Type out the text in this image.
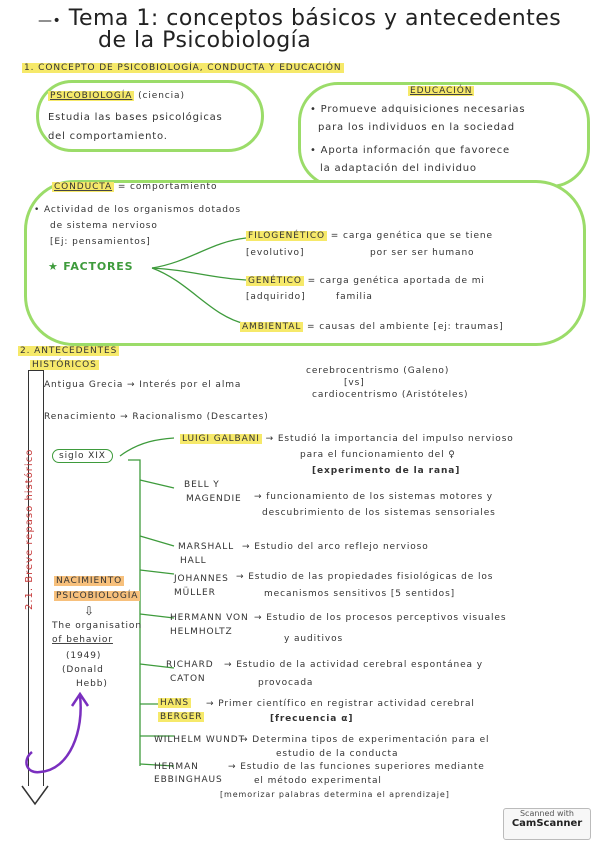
—• Tema 1: conceptos básicos y antecedentes
de la Psicobiología
1. CONCEPTO DE PSICOBIOLOGÍA, CONDUCTA Y EDUCACIÓN
PSICOBIOLOGÍA (ciencia)
Estudia las bases psicológicas
del comportamiento.
EDUCACIÓN
• Promueve adquisiciones necesarias
para los individuos en la sociedad
• Aporta información que favorece
la adaptación del individuo
CONDUCTA = comportamiento
• Actividad de los organismos dotados
de sistema nervioso
[Ej: pensamientos]
★ FACTORES
FILOGENÉTICO = carga genética que se tiene
[evolutivo]	por ser ser humano
GENÉTICO = carga genética aportada de mi
[adquirido]	familia
AMBIENTAL = causas del ambiente [ej: traumas]
2. ANTECEDENTES
HISTÓRICOS
2.1. Breve repaso histórico
Antigua Grecia → Interés por el alma
cerebrocentrismo (Galeno)
[vs]
cardiocentrismo (Aristóteles)
Renacimiento → Racionalismo (Descartes)
siglo XIX
LUIGI GALBANI → Estudió la importancia del impulso nervioso
para el funcionamiento del ♀
[experimento de la rana]
BELL Y
MAGENDIE → funcionamiento de los sistemas motores y
descubrimiento de los sistemas sensoriales
MARSHALL
HALL
→ Estudio del arco reflejo nervioso
JOHANNES
MÜLLER
→ Estudio de las propiedades fisiológicas de los
mecanismos sensitivos [5 sentidos]
HERMANN VON
HELMHOLTZ
→ Estudio de los procesos perceptivos visuales
y auditivos
RICHARD
CATON
→ Estudio de la actividad cerebral espontánea y
provocada
HANS
BERGER
→ Primer científico en registrar actividad cerebral
[frecuencia α]
WILHELM WUNDT
→ Determina tipos de experimentación para el
estudio de la conducta
HERMAN
EBBINGHAUS
→ Estudio de las funciones superiores mediante
el método experimental
[memorizar palabras determina el aprendizaje]
NACIMIENTO
PSICOBIOLOGÍA
⇩
The organisation
of behavior
(1949)
(Donald
Hebb)
Scanned with
CamScanner
